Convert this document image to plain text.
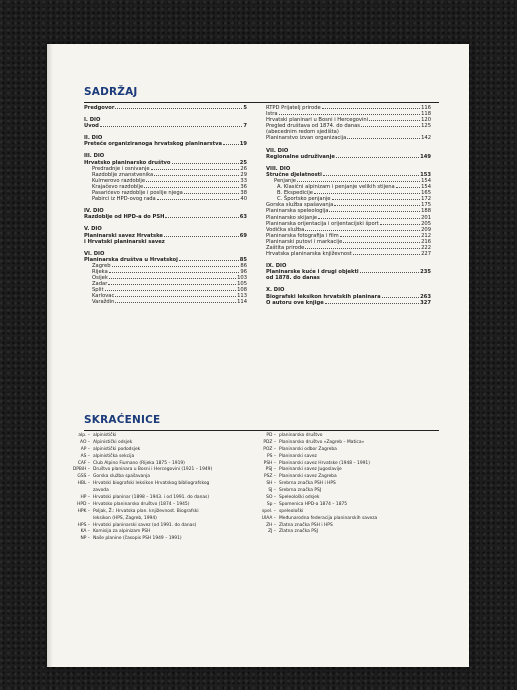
SADRŽAJ
Predgovor	5
I. DIO
Uvod	7
II. DIO
Preteče organiziranoga hrvatskog planinarstva	19
III. DIO
Hrvatsko planinarsko društvo	25
Predradnje i osnivanje	26
Razdoblje znanstvenika	29
Kulmerovo razdoblje	33
Krajačevo razdoblje	36
Pasarićevo razdoblje i poslije njega	38
Pabirci iz HPD-ovog rada	40
IV. DIO
Razdoblje od HPD-a do PSH	63
V. DIO
Planinarski savez Hrvatske	69
i Hrvatski planinarski savez
VI. DIO
Planinarska društva u Hrvatskoj	85
Zagreb	86
Rijeka	96
Osijek	103
Zadar	105
Split	108
Karlovac	113
Varaždin	114
RTPD Prijatelj prirode	116
Istra	118
Hrvatski planinari u Bosni i Hercegovini	120
Pregled društava od 1874. do danas	125
(abecednim redom sjedišta)
Planinarstvo izvan organizacija	142
VII. DIO
Regionalne udruživanje	149
VIII. DIO
Stručne djelatnosti	153
Penjanje	154
A. Klasični alpinizam i penjanje velikih stijena	154
B. Ekspedicije	165
C. Športsko penjanje	172
Gorska služba spašavanja	175
Planinarska speleologija	188
Planinarsko skijanje	201
Planinarska orijentacija i orijentacijski šport	205
Vodička služba	209
Planinarska fotografija i film	212
Planinarski putovi i markacije	216
Zaštita prirode	222
Hrvatska planinarska književnost	227
IX. DIO
Planinarske kuće i drugi objekti	235
od 1878. do danas
X. DIO
Biografski leksikon hrvatskih planinara	263
O autoru ove knjige	327
SKRAĆENICE
alp. – alpinistički
AO – Alpinistički odsjek
AP – alpinistički pododsjek
AS – alpinistička sekcija
CAF – Club Alpino Fiumano (Rijeka 1875 – 1919)
DPBiH – Društvo planinara u Bosni i Hercegovini (1921 – 1949)
GSS – Gorska služba spašavanja
HBL – Hrvatski biografski leksikon Hrvatskog bibliografskog
zavoda
HP – Hrvatski planinar (1898 – 1943. i od 1991. do danas)
HPD – Hrvatsko planinarsko društvo (1874 – 1945)
HPK – Poljak, Ž.: Hrvatska plan. književnost. Biografski
leksikon (HPS, Zagreb, 1994)
HPS – Hrvatski planinarski savez (od 1991. do danas)
KA – Komisija za alpinizam PSH
NP – Naše planine (časopis PSH 1949 – 1991)
PD – planinarsko društvo
PDZ – Planinarsko društvo »Zagreb – Matica«
POZ – Planinarski odbor Zagreba
PS – Planinarski savez
PSH – Planinarski savez Hrvatske (1948 – 1991)
PSJ – Planinarski savez Jugoslavije
PSZ – Planinarski savez Zagreba
SH – Srebrna značka PSH i HPS
SJ – Srebrna značka PSJ
SO – Speleološki odsjek
Sp – Spomenica HPD-a 1874 – 1875
spel. – speleološki
UIAA – Međunarodna federacija planinarskih saveza
ZH – Zlatna značka PSH i HPS
ZJ – Zlatna značka PSJ
